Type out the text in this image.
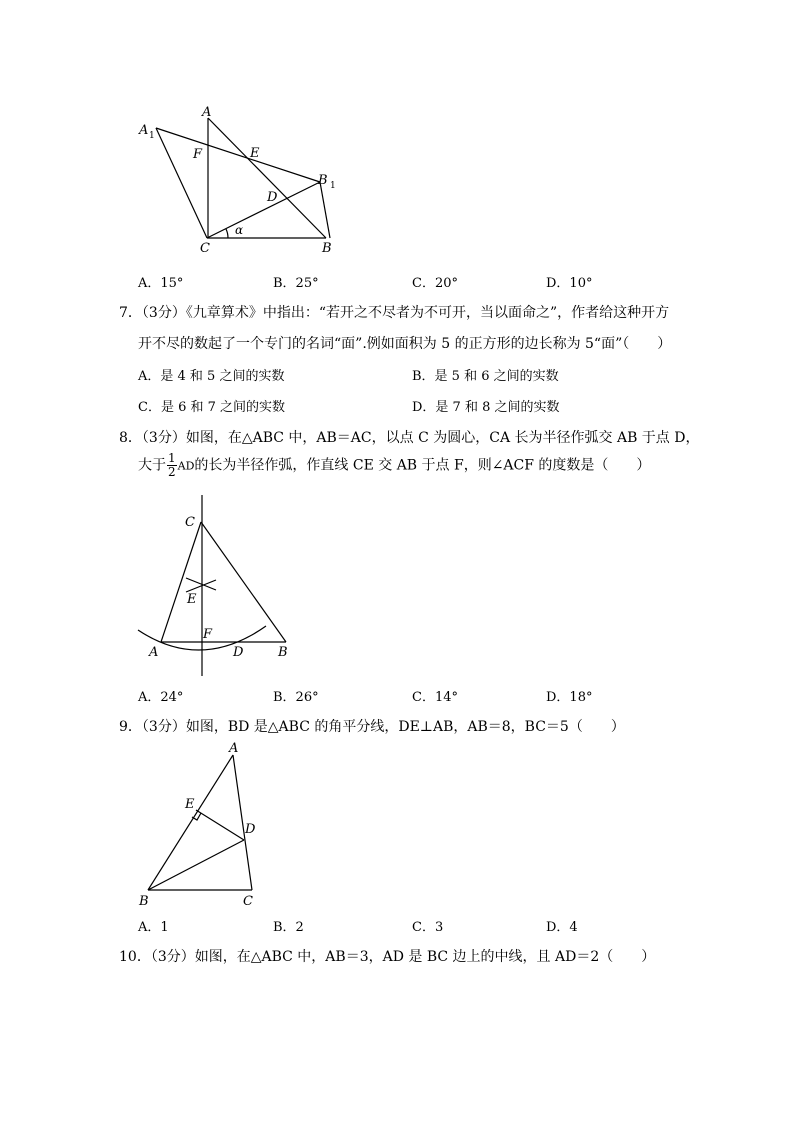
A 1
A
F	E
B 1
D
α
C	B
A．15°	B．25°	C．20°	D．10°
7．（3分）《九章算术》中指出：“若开之不尽者为不可开，当以面命之”，作者给这种开方
开不尽的数起了一个专门的名词“面”.例如面积为 5 的正方形的边长称为 5“面”（　　）
A．是 4 和 5 之间的实数	B．是 5 和 6 之间的实数
C．是 6 和 7 之间的实数	D．是 7 和 8 之间的实数
8．（3分）如图，在△ABC 中，AB＝AC，以点 C 为圆心，CA 长为半径作弧交 AB 于点 D，
大于 $\frac{1}{2}$ AD的长为半径作弧，作直线 CE 交 AB 于点 F，则∠ACF 的度数是（　　）
C
E
F
A	D	B
A．24°	B．26°	C．14°	D．18°
9．（3分）如图，BD 是△ABC 的角平分线，DE⊥AB，AB＝8，BC＝5（　　）
A
E
D
B	C
A．1	B．2	C．3	D．4
10．（3分）如图，在△ABC 中，AB＝3，AD 是 BC 边上的中线，且 AD＝2（　　）
